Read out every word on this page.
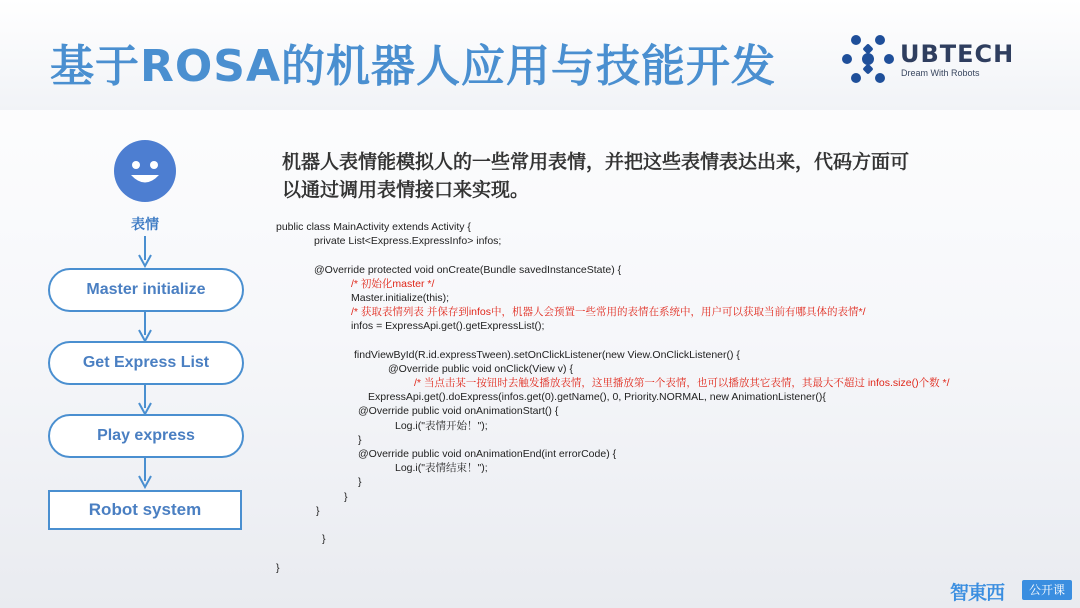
基于ROSA的机器人应用与技能开发	UBTECH
Dream With Robots
表情
Master initialize
Get Express List
Play express
Robot system
机器人表情能模拟人的一些常用表情，并把这些表情表达出来，代码方面可
以通过调用表情接口来实现。
public class MainActivity extends Activity {
private List<Express.ExpressInfo> infos;
@Override protected void onCreate(Bundle savedInstanceState) {
/* 初始化master */
Master.initialize(this);
/* 获取表情列表 并保存到infos中，机器人会预置一些常用的表情在系统中，用户可以获取当前有哪具体的表情*/
infos = ExpressApi.get().getExpressList();
findViewById(R.id.expressTween).setOnClickListener(new View.OnClickListener() {
@Override public void onClick(View v) {
/* 当点击某一按钮时去触发播放表情，这里播放第一个表情，也可以播放其它表情，其最大不超过 infos.size()个数 */
ExpressApi.get().doExpress(infos.get(0).getName(), 0, Priority.NORMAL, new AnimationListener(){
@Override public void onAnimationStart() {
Log.i("表情开始！");
}
@Override public void onAnimationEnd(int errorCode) {
Log.i("表情结束！");
}
}
}
}
}
智東西	公开课
